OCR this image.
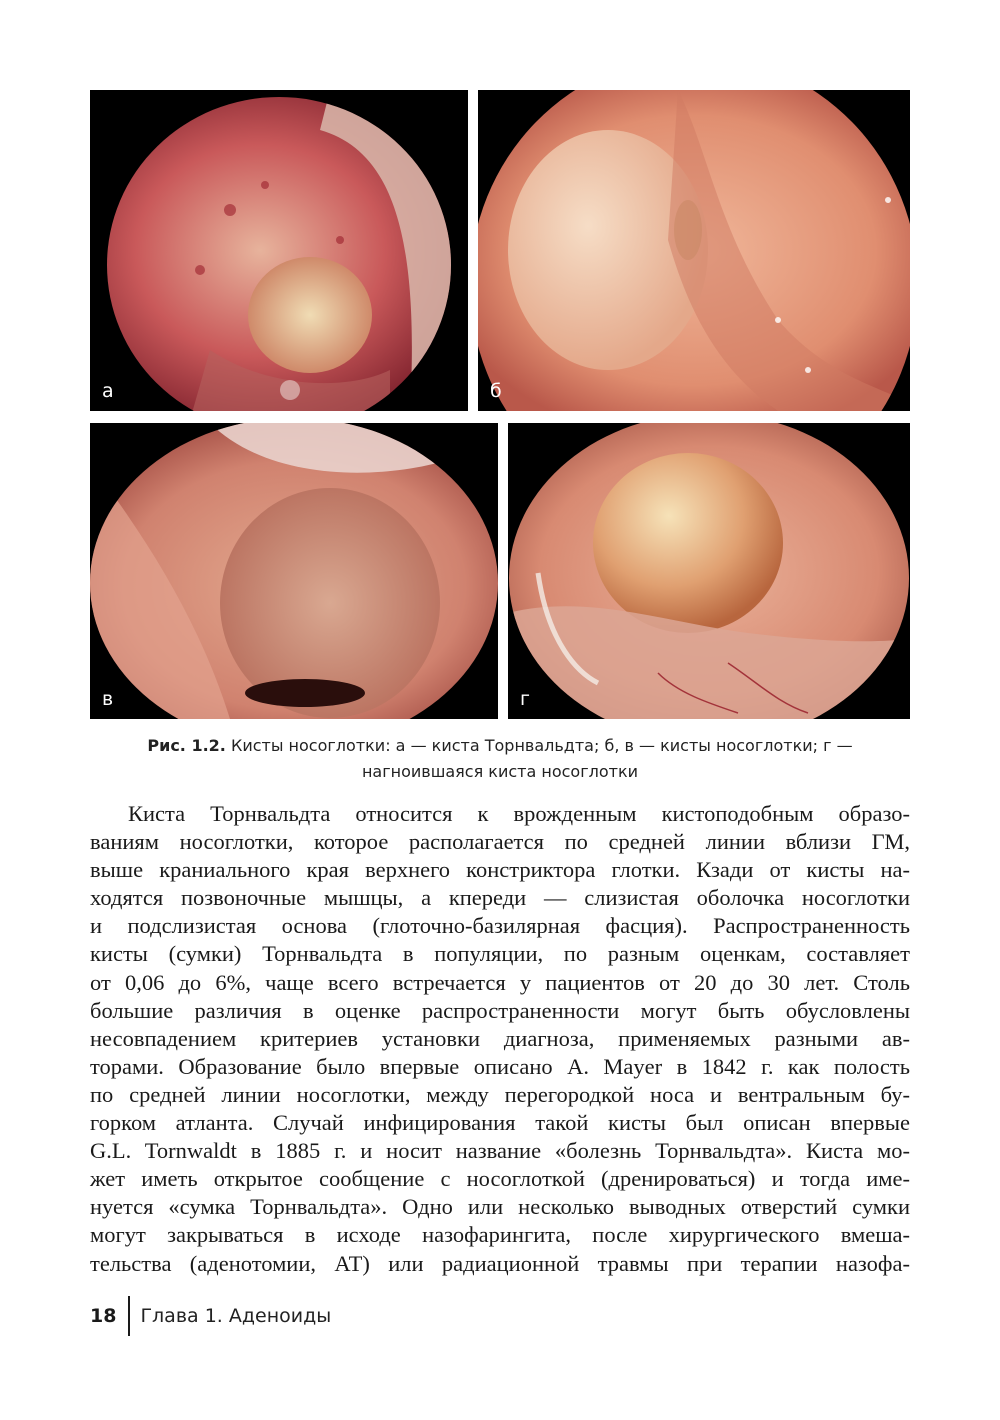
а	б
в	г
Рис. 1.2. Кисты носоглотки: а — киста Торнвальдта; б, в — кисты носоглотки; г — нагноившаяся киста носоглотки
Киста Торнвальдта относится к врожденным кистоподобным образо-
ваниям носоглотки, которое располагается по средней линии вблизи ГМ,
выше краниального края верхнего констриктора глотки. Кзади от кисты на-
ходятся позвоночные мышцы, а кпереди — слизистая оболочка носоглотки
и подслизистая основа (глоточно-базилярная фасция). Распространенность
кисты (сумки) Торнвальдта в популяции, по разным оценкам, составляет
от 0,06 до 6%, чаще всего встречается у пациентов от 20 до 30 лет. Столь
большие различия в оценке распространенности могут быть обусловлены
несовпадением критериев установки диагноза, применяемых разными ав-
торами. Образование было впервые описано A. Mayer в 1842 г. как полость
по средней линии носоглотки, между перегородкой носа и вентральным бу-
горком атланта. Случай инфицирования такой кисты был описан впервые
G.L. Tornwaldt в 1885 г. и носит название «болезнь Торнвальдта». Киста мо-
жет иметь открытое сообщение с носоглоткой (дренироваться) и тогда име-
нуется «сумка Торнвальдта». Одно или несколько выводных отверстий сумки
могут закрываться в исходе назофарингита, после хирургического вмеша-
тельства (аденотомии, АТ) или радиационной травмы при терапии назофа-
18	Глава 1. Аденоиды
